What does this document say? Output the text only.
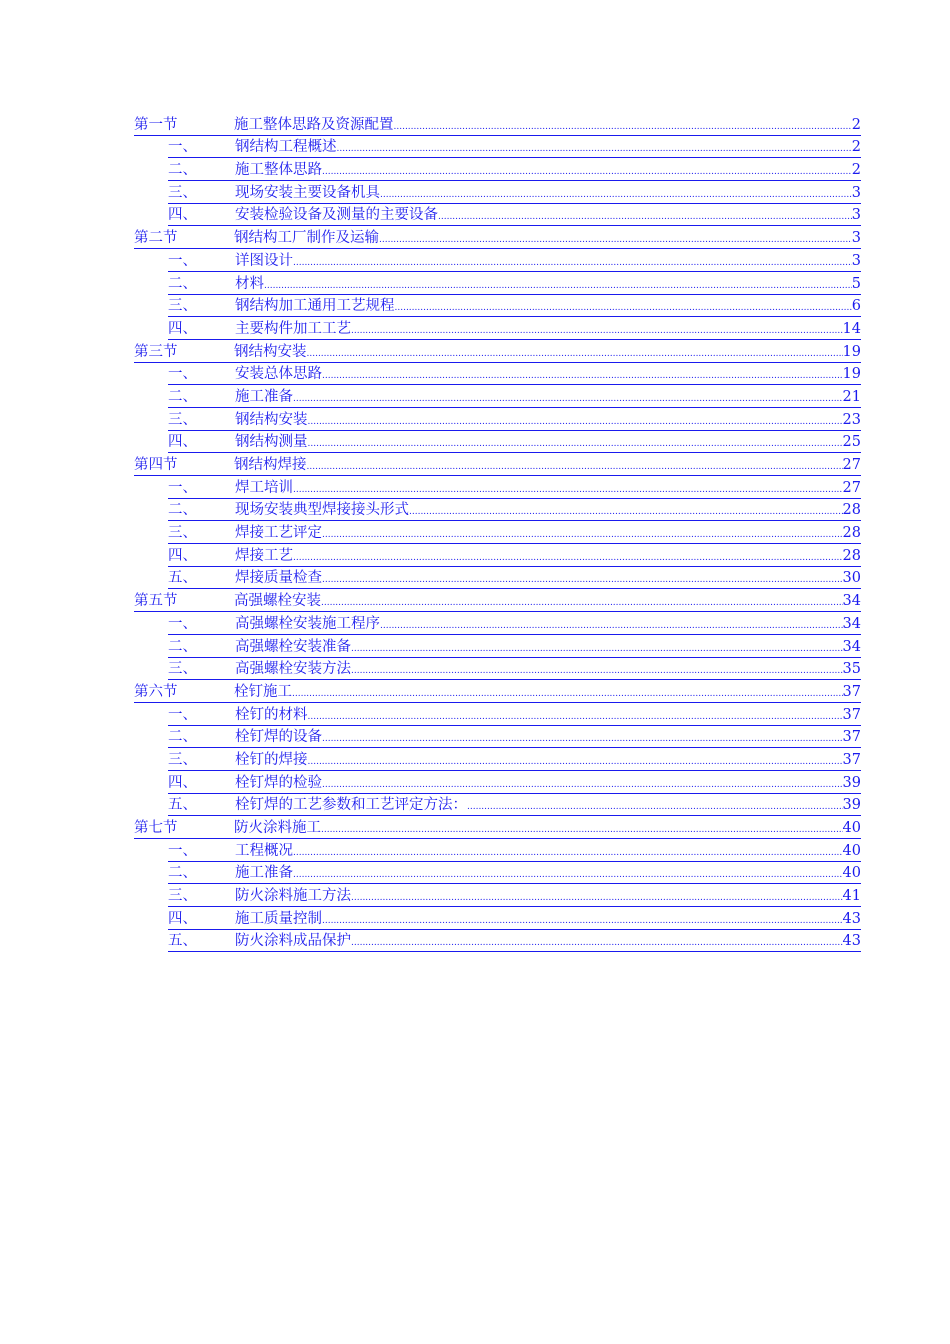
第一节	施工整体思路及资源配置 .....	2
一、	钢结构工程概述 .....	2
二、	施工整体思路 .....	2
三、	现场安装主要设备机具 .....	3
四、	安装检验设备及测量的主要设备 .....	3
第二节	钢结构工厂制作及运输 .....	3
一、	详图设计 .....	3
二、	材料 .....	5
三、	钢结构加工通用工艺规程 .....	6
四、	主要构件加工工艺 .....	14
第三节	钢结构安装 .....	19
一、	安装总体思路 .....	19
二、	施工准备 .....	21
三、	钢结构安装 .....	23
四、	钢结构测量 .....	25
第四节	钢结构焊接 .....	27
一、	焊工培训 .....	27
二、	现场安装典型焊接接头形式 .....	28
三、	焊接工艺评定 .....	28
四、	焊接工艺 .....	28
五、	焊接质量检查 .....	30
第五节	高强螺栓安装 .....	34
一、	高强螺栓安装施工程序 .....	34
二、	高强螺栓安装准备 .....	34
三、	高强螺栓安装方法 .....	35
第六节	栓钉施工 .....	37
一、	栓钉的材料 .....	37
二、	栓钉焊的设备 .....	37
三、	栓钉的焊接 .....	37
四、	栓钉焊的检验 .....	39
五、	栓钉焊的工艺参数和工艺评定方法： .....	39
第七节	防火涂料施工 .....	40
一、	工程概况 .....	40
二、	施工准备 .....	40
三、	防火涂料施工方法 .....	41
四、	施工质量控制 .....	43
五、	防火涂料成品保护 .....	43
